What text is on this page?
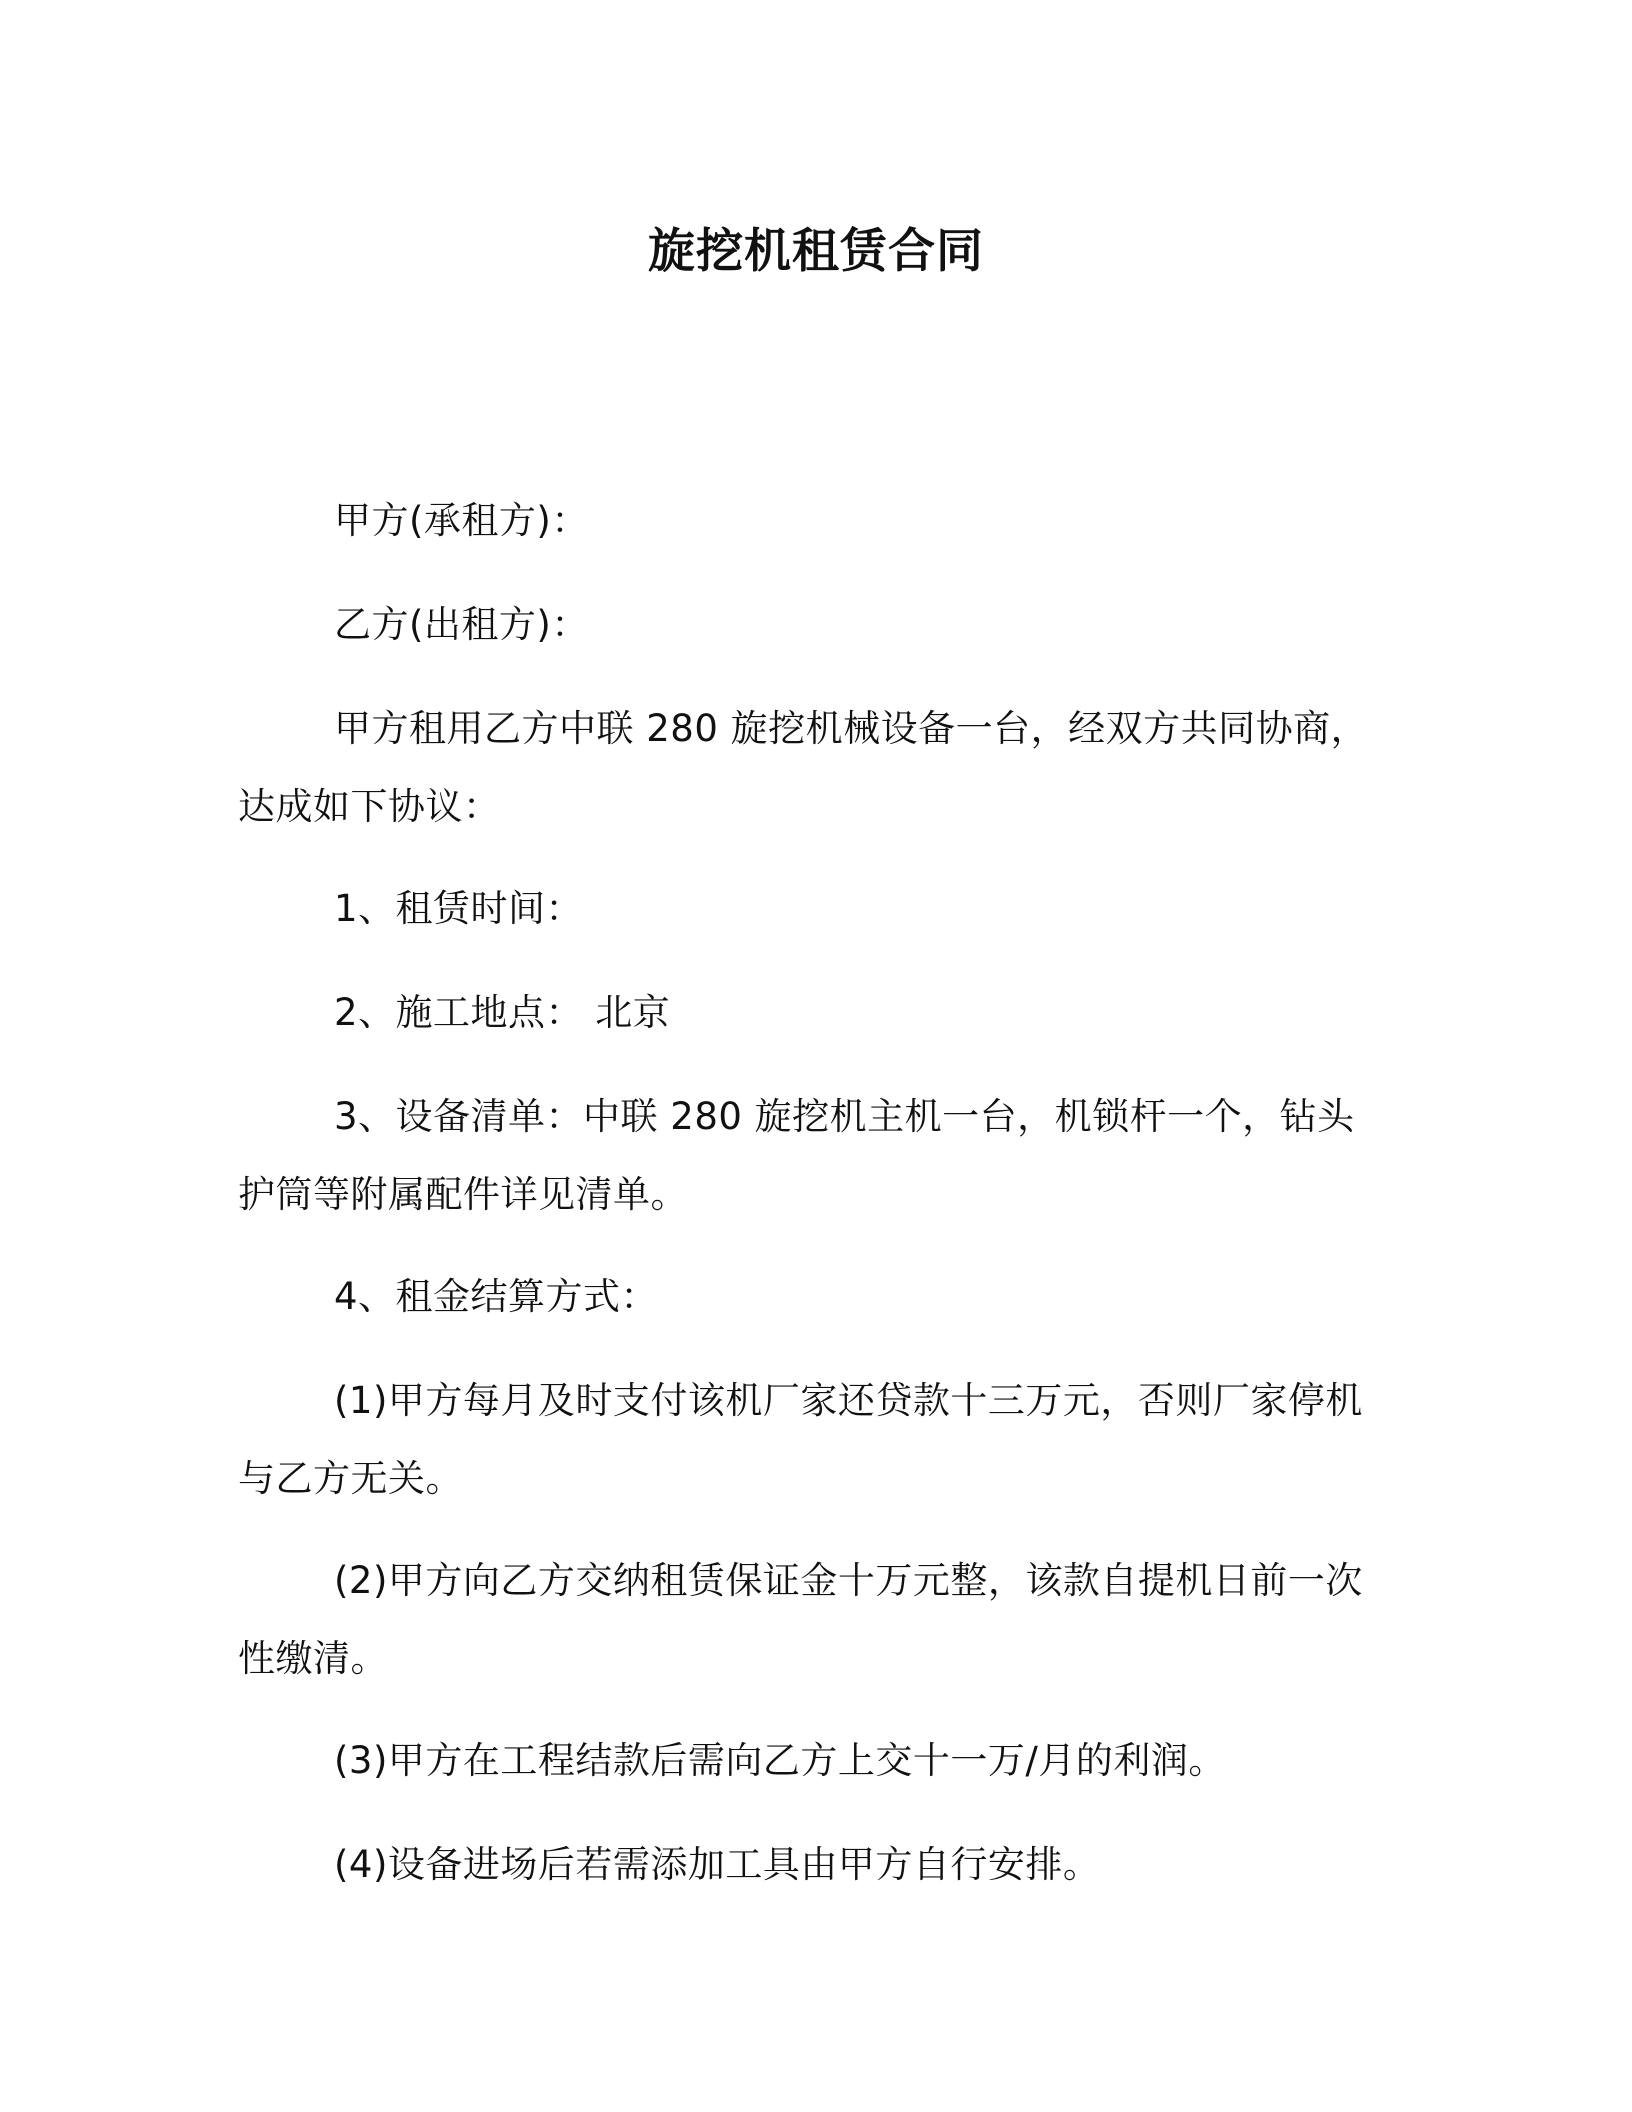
旋挖机租赁合同

甲方(承租方)：

乙方(出租方)：

甲方租用乙方中联 280 旋挖机械设备一台，经双方共同协商，达成如下协议：

1、租赁时间：

2、施工地点： 北京

3、设备清单：中联 280 旋挖机主机一台，机锁杆一个，钻头护筒等附属配件详见清单。

4、租金结算方式：

(1)甲方每月及时支付该机厂家还贷款十三万元，否则厂家停机与乙方无关。

(2)甲方向乙方交纳租赁保证金十万元整，该款自提机日前一次性缴清。

(3)甲方在工程结款后需向乙方上交十一万/月的利润。

(4)设备进场后若需添加工具由甲方自行安排。
